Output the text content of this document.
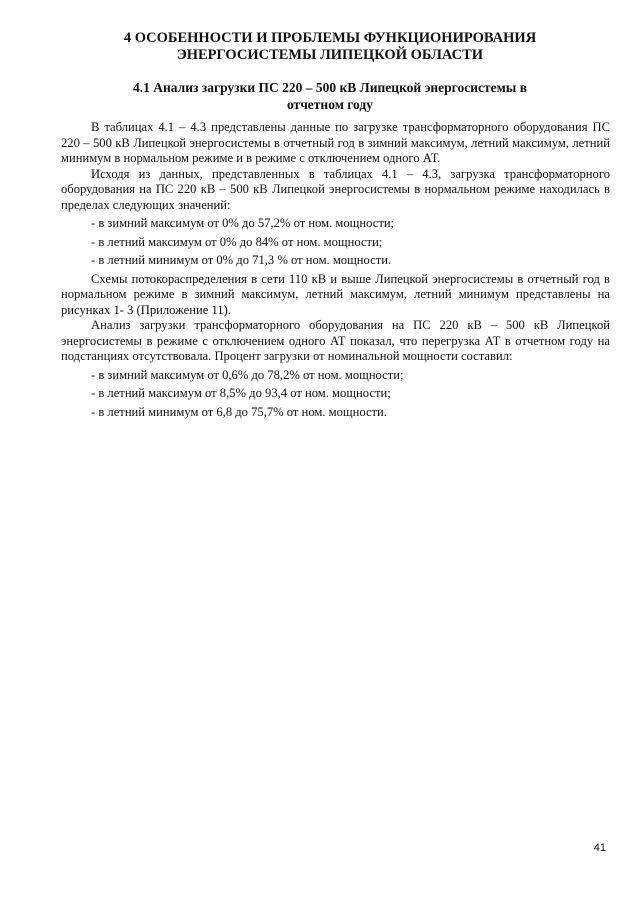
4 ОСОБЕННОСТИ И ПРОБЛЕМЫ ФУНКЦИОНИРОВАНИЯ
ЭНЕРГОСИСТЕМЫ ЛИПЕЦКОЙ ОБЛАСТИ
4.1 Анализ загрузки ПС 220 – 500 кВ Липецкой энергосистемы в
отчетном году

В таблицах 4.1 – 4.3 представлены данные по загрузке трансформаторного оборудования ПС 220 – 500 кВ Липецкой энергосистемы в отчетный год в зимний максимум, летний максимум, летний минимум в нормальном режиме и в режиме с отключением одного АТ.

Исходя из данных, представленных в таблицах 4.1 – 4.3, загрузка трансформаторного оборудования на ПС 220 кВ – 500 кВ Липецкой энергосистемы в нормальном режиме находилась в пределах следующих значений:

- в зимний максимум от 0% до 57,2% от ном. мощности;

- в летний максимум от 0% до 84% от ном. мощности;

- в летний минимум от 0% до 71,3 % от ном. мощности.

Схемы потокораспределения в сети 110 кВ и выше Липецкой энергосистемы в отчетный год в нормальном режиме в зимний максимум, летний максимум, летний минимум представлены на рисунках 1- 3 (Приложение 11).

Анализ загрузки трансформаторного оборудования на ПС 220 кВ – 500 кВ Липецкой энергосистемы в режиме с отключением одного АТ показал, что перегрузка АТ в отчетном году на подстанциях отсутствовала. Процент загрузки от номинальной мощности составил:

- в зимний максимум от 0,6% до 78,2% от ном. мощности;

- в летний максимум от 8,5% до 93,4 от ном. мощности;

- в летний минимум от 6,8 до 75,7% от ном. мощности.

41
